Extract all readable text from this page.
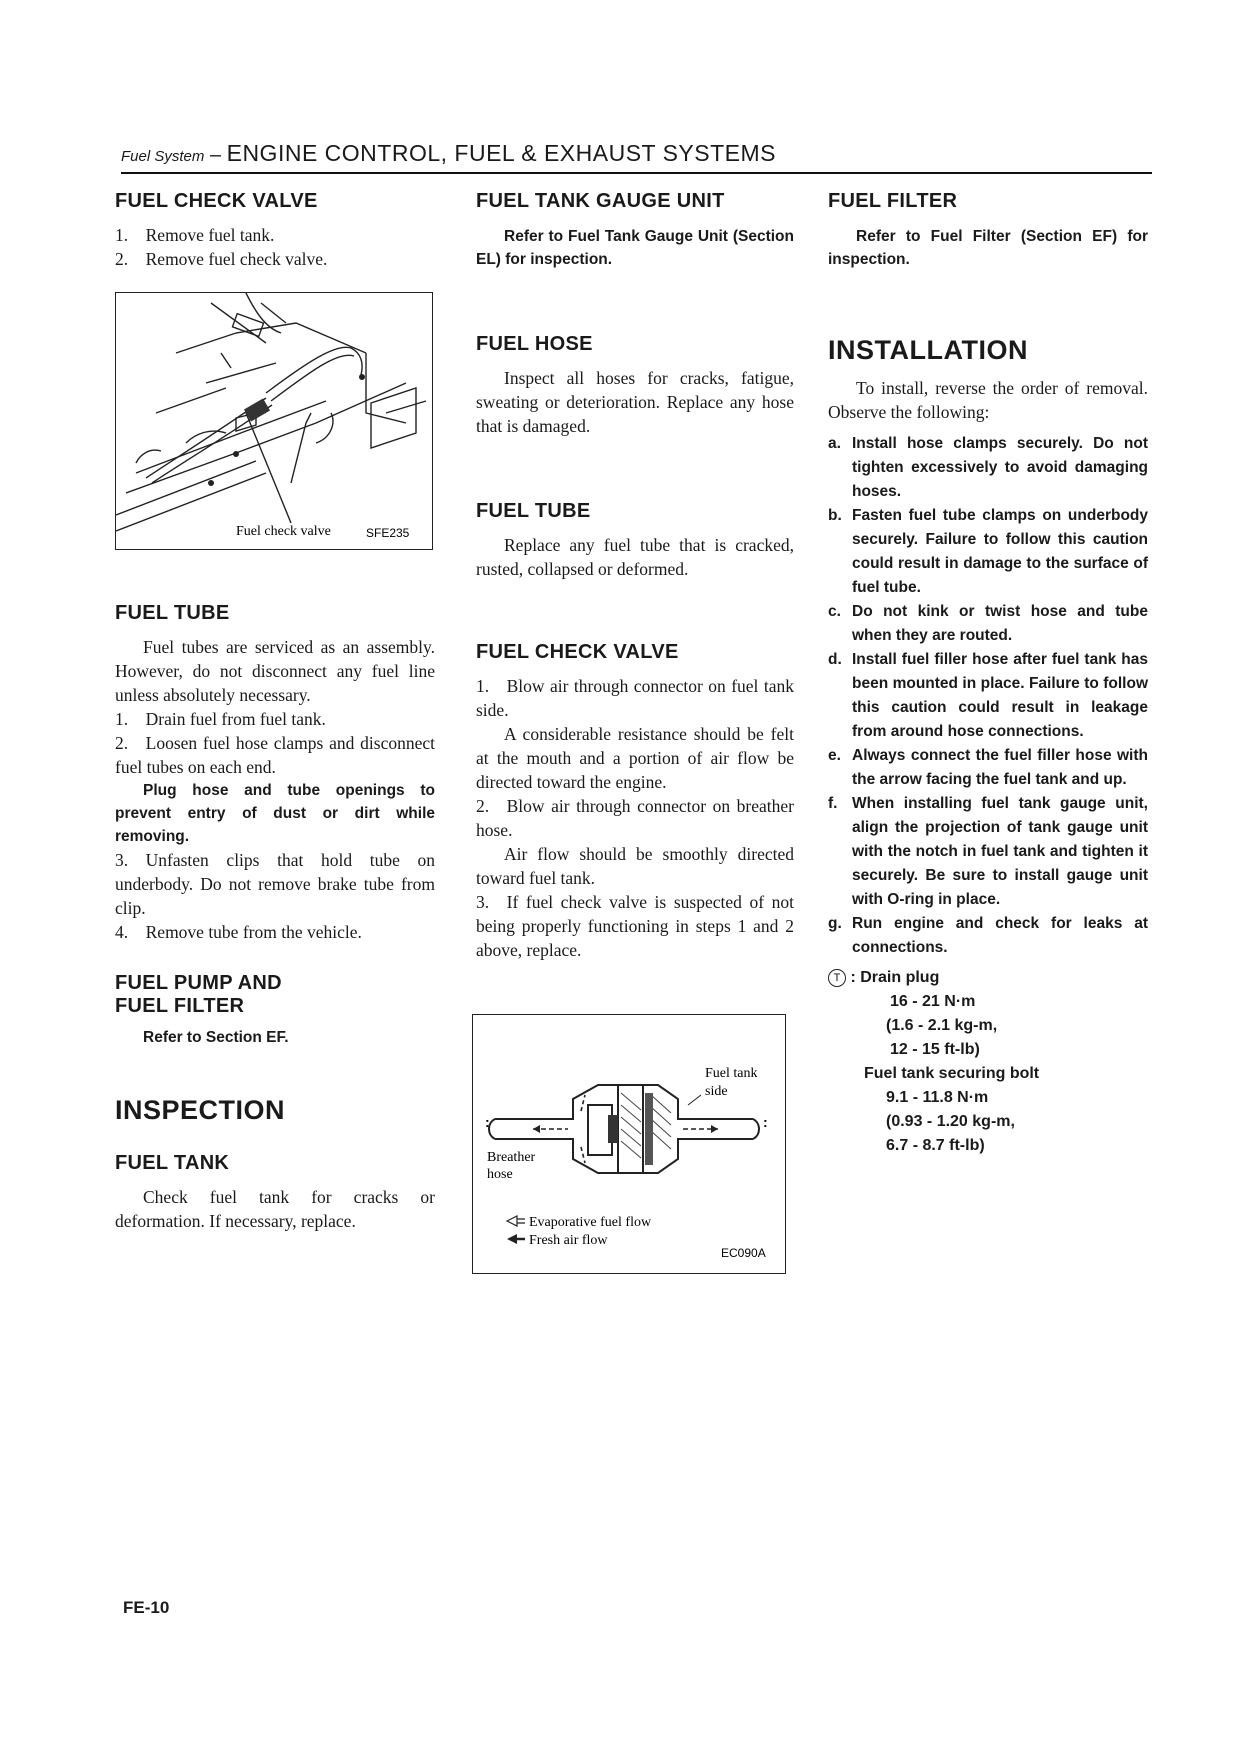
Fuel System – ENGINE CONTROL, FUEL & EXHAUST SYSTEMS
FUEL CHECK VALVE

1. Remove fuel tank.

2. Remove fuel check valve.

Fuel check valve	SFE235
FUEL TUBE

Fuel tubes are serviced as an assembly. However, do not disconnect any fuel line unless absolutely necessary.

1. Drain fuel from fuel tank.

2. Loosen fuel hose clamps and disconnect fuel tubes on each end.

Plug hose and tube openings to prevent entry of dust or dirt while removing.

3. Unfasten clips that hold tube on underbody. Do not remove brake tube from clip.

4. Remove tube from the vehicle.

FUEL PUMP AND
FUEL FILTER

Refer to Section EF.

INSPECTION
FUEL TANK

Check fuel tank for cracks or deformation. If necessary, replace.

FUEL TANK GAUGE UNIT

Refer to Fuel Tank Gauge Unit (Section EL) for inspection.

FUEL HOSE

Inspect all hoses for cracks, fatigue, sweating or deterioration. Replace any hose that is damaged.

FUEL TUBE

Replace any fuel tube that is cracked, rusted, collapsed or deformed.

FUEL CHECK VALVE

1. Blow air through connector on fuel tank side.

A considerable resistance should be felt at the mouth and a portion of air flow be directed toward the engine.

2. Blow air through connector on breather hose.

Air flow should be smoothly directed toward fuel tank.

3. If fuel check valve is suspected of not being properly functioning in steps 1 and 2 above, replace.

:	:
Fuel tank
side
Breather
hose
Evaporative fuel flow
Fresh air flow
EC090A
FUEL FILTER

Refer to Fuel Filter (Section EF) for inspection.

INSTALLATION

To install, reverse the order of removal. Observe the following:

a. Install hose clamps securely. Do not tighten excessively to avoid damaging hoses.
b. Fasten fuel tube clamps on underbody securely. Failure to follow this caution could result in damage to the surface of fuel tube.
c. Do not kink or twist hose and tube when they are routed.
d. Install fuel filler hose after fuel tank has been mounted in place. Failure to follow this caution could result in leakage from around hose connections.
e. Always connect the fuel filler hose with the arrow facing the fuel tank and up.
f. When installing fuel tank gauge unit, align the projection of tank gauge unit with the notch in fuel tank and tighten it securely. Be sure to install gauge unit with O-ring in place.
g. Run engine and check for leaks at connections.
T : Drain plug
16 - 21 N·m
(1.6 - 2.1 kg-m,
12 - 15 ft-lb)
Fuel tank securing bolt
9.1 - 11.8 N·m
(0.93 - 1.20 kg-m,
6.7 - 8.7 ft-lb)
FE-10
